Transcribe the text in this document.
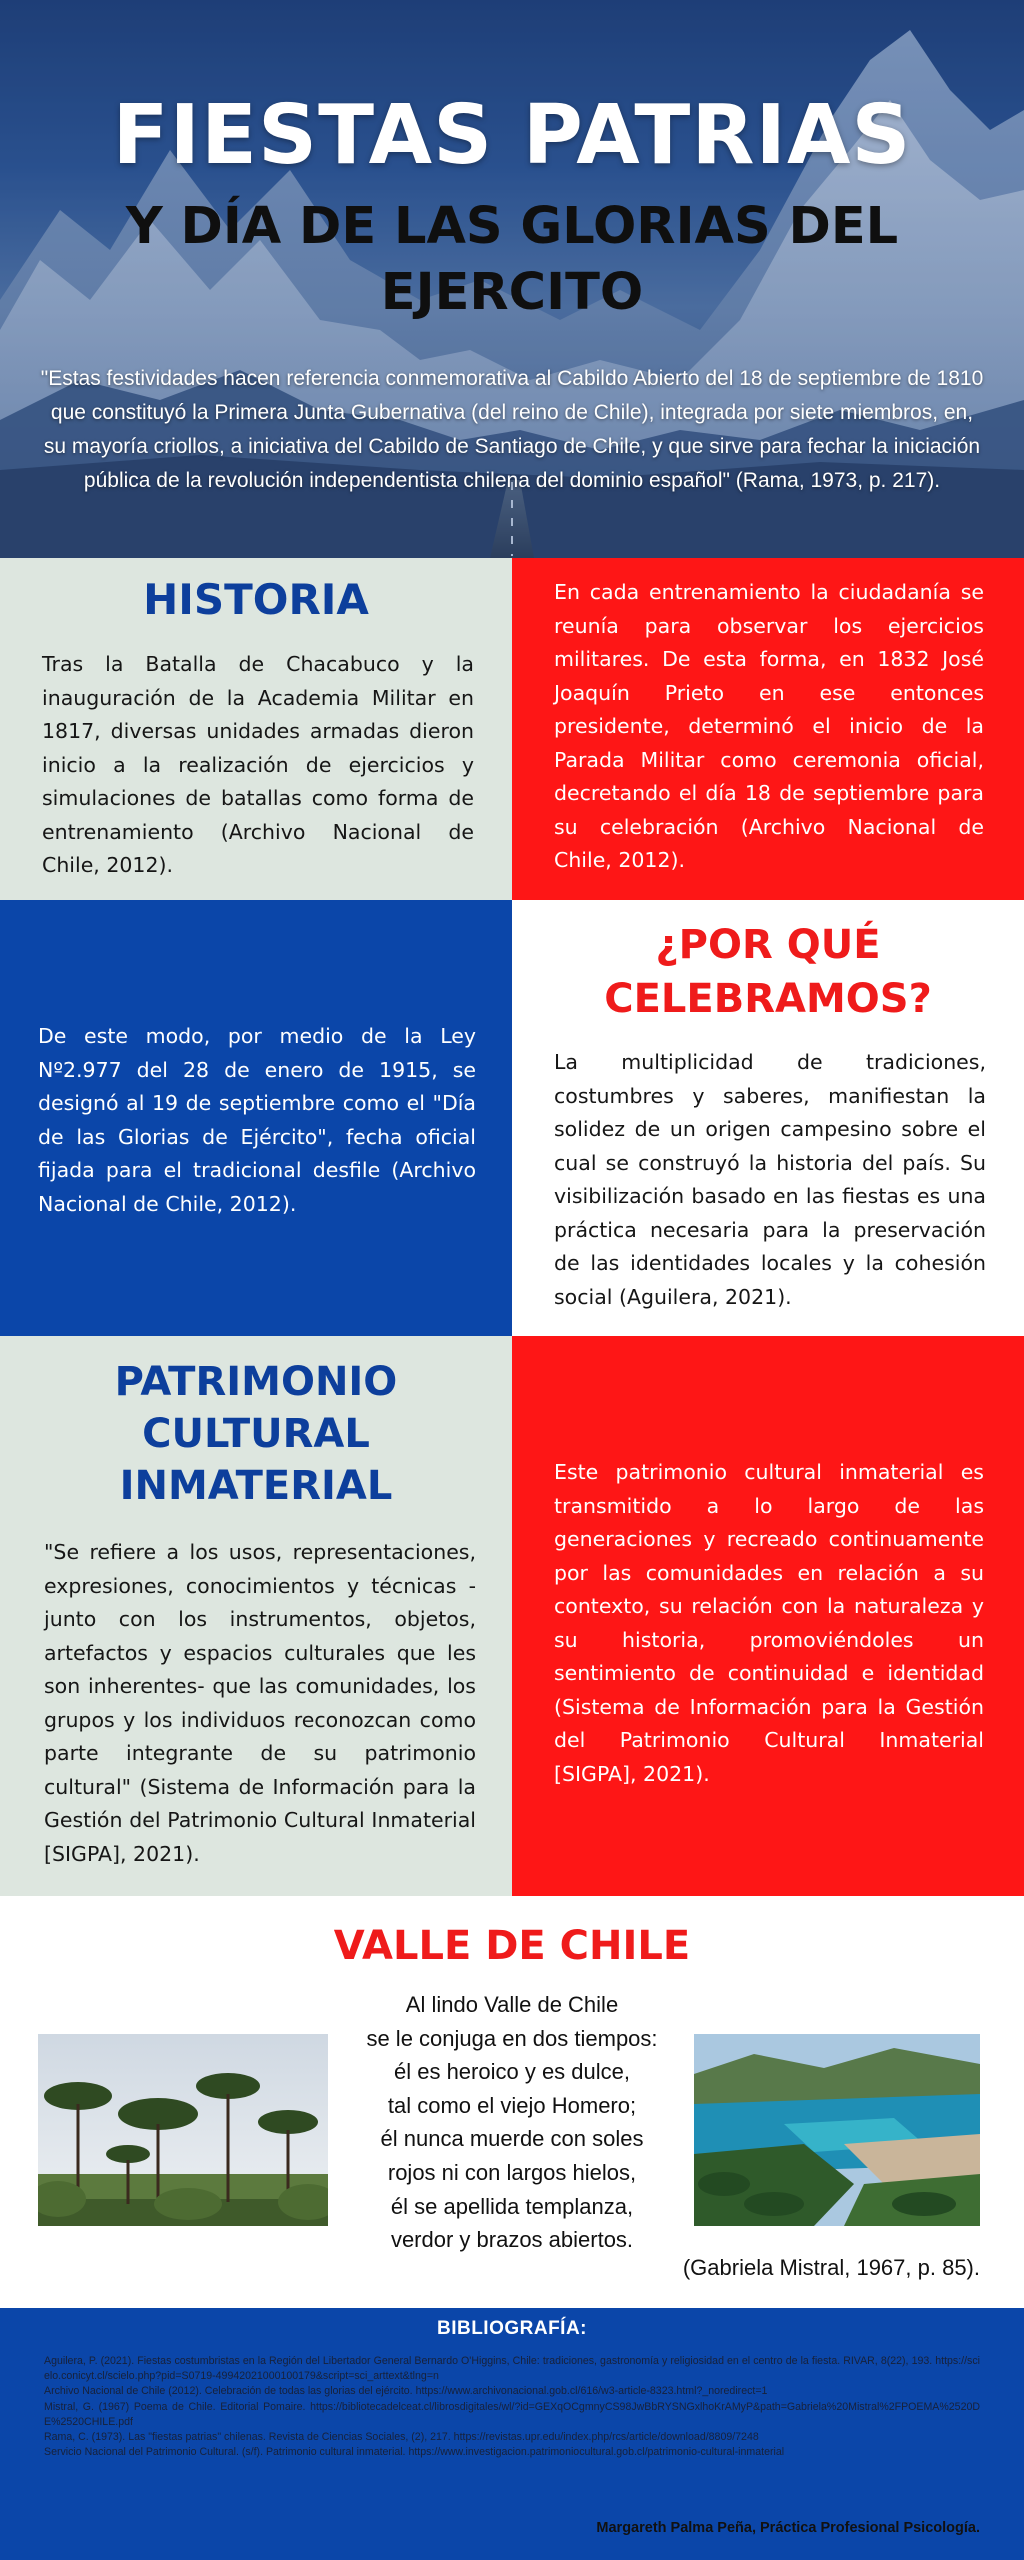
FIESTAS PATRIAS
Y DÍA DE LAS GLORIAS DEL EJERCITO
"Estas festividades hacen referencia conmemorativa al Cabildo Abierto del 18 de septiembre de 1810 que constituyó la Primera Junta Gubernativa (del reino de Chile), integrada por siete miembros, en, su mayoría criollos, a iniciativa del Cabildo de Santiago de Chile, y que sirve para fechar la iniciación pública de la revolución independentista chilena del dominio español" (Rama, 1973, p. 217).
HISTORIA
Tras la Batalla de Chacabuco y la inauguración de la Academia Militar en 1817, diversas unidades armadas dieron inicio a la realización de ejercicios y simulaciones de batallas como forma de entrenamiento (Archivo Nacional de Chile, 2012).
En cada entrenamiento la ciudadanía se reunía para observar los ejercicios militares. De esta forma, en 1832 José Joaquín Prieto en ese entonces presidente, determinó el inicio de la Parada Militar como ceremonia oficial, decretando el día 18 de septiembre para su celebración (Archivo Nacional de Chile, 2012).
De este modo, por medio de la Ley Nº2.977 del 28 de enero de 1915, se designó al 19 de septiembre como el "Día de las Glorias de Ejército", fecha oficial fijada para el tradicional desfile (Archivo Nacional de Chile, 2012).
¿POR QUÉ CELEBRAMOS?
La multiplicidad de tradiciones, costumbres y saberes, manifiestan la solidez de un origen campesino sobre el cual se construyó la historia del país. Su visibilización basado en las fiestas es una práctica necesaria para la preservación de las identidades locales y la cohesión social (Aguilera, 2021).
PATRIMONIO CULTURAL INMATERIAL
"Se refiere a los usos, representaciones, expresiones, conocimientos y técnicas - junto con los instrumentos, objetos, artefactos y espacios culturales que les son inherentes- que las comunidades, los grupos y los individuos reconozcan como parte integrante de su patrimonio cultural" (Sistema de Información para la Gestión del Patrimonio Cultural Inmaterial [SIGPA], 2021).
Este patrimonio cultural inmaterial es transmitido a lo largo de las generaciones y recreado continuamente por las comunidades en relación a su contexto, su relación con la naturaleza y su historia, promoviéndoles un sentimiento de continuidad e identidad (Sistema de Información para la Gestión del Patrimonio Cultural Inmaterial [SIGPA], 2021).
VALLE DE CHILE
Al lindo Valle de Chile
se le conjuga en dos tiempos:
él es heroico y es dulce,
tal como el viejo Homero;
él nunca muerde con soles
rojos ni con largos hielos,
él se apellida templanza,
verdor y brazos abiertos.
(Gabriela Mistral, 1967, p. 85).
BIBLIOGRAFÍA:
Aguilera, P. (2021). Fiestas costumbristas en la Región del Libertador General Bernardo O'Higgins, Chile: tradiciones, gastronomía y religiosidad en el centro de la fiesta. RIVAR, 8(22), 193. https://scielo.conicyt.cl/scielo.php?pid=S0719-49942021000100179&script=sci_arttext&tlng=n
Archivo Nacional de Chile (2012). Celebración de todas las glorias del ejército. https://www.archivonacional.gob.cl/616/w3-article-8323.html?_noredirect=1
Mistral, G. (1967) Poema de Chile. Editorial Pomaire. https://bibliotecadelceat.cl/librosdigitales/wl/?id=GEXqOCgmnyCS98JwBbRYSNGxlhoKrAMyP&path=Gabriela%20Mistral%2FPOEMA%2520DE%2520CHILE.pdf
Rama, C. (1973). Las "fiestas patrias" chilenas. Revista de Ciencias Sociales, (2), 217. https://revistas.upr.edu/index.php/rcs/article/download/8809/7248
Servicio Nacional del Patrimonio Cultural. (s/f). Patrimonio cultural inmaterial. https://www.investigacion.patrimoniocultural.gob.cl/patrimonio-cultural-inmaterial
Margareth Palma Peña, Práctica Profesional Psicología.
